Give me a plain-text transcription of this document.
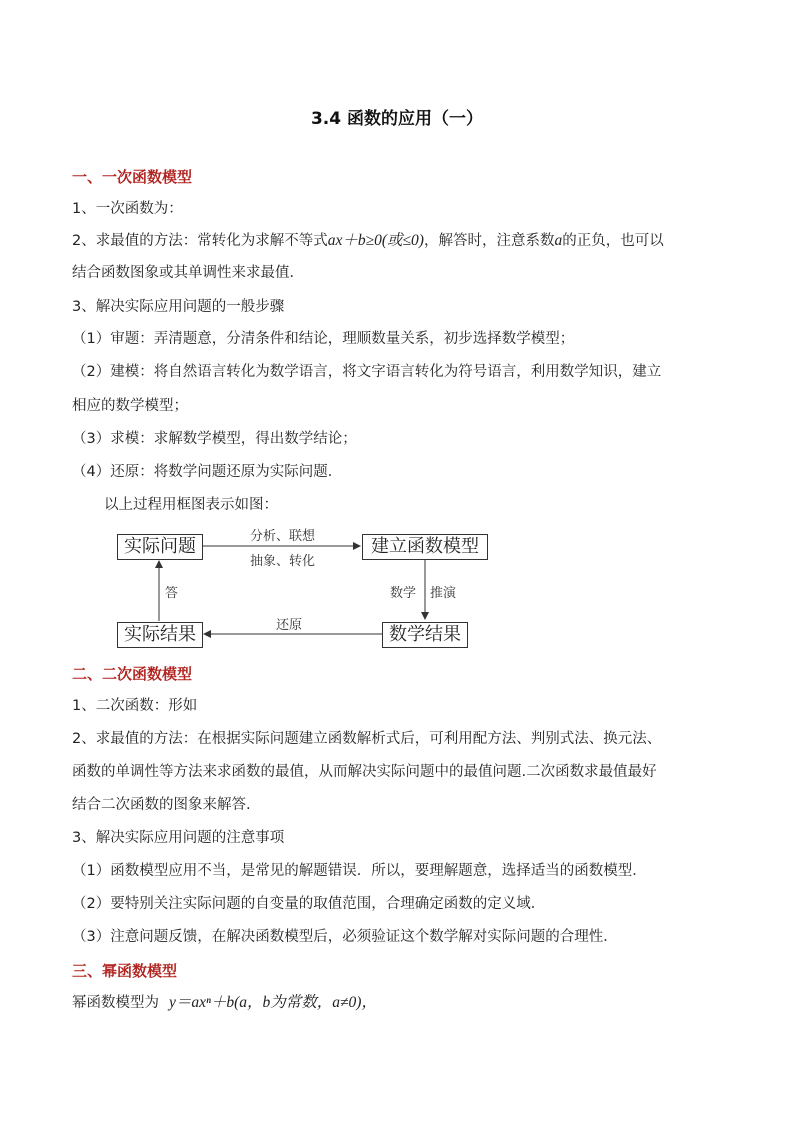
3.4 函数的应用（一）
一、一次函数模型
1、一次函数为：
2、求最值的方法：常转化为求解不等式ax＋b≥0(或≤0)，解答时，注意系数a的正负，也可以
结合函数图象或其单调性来求最值．
3、解决实际应用问题的一般步骤
（1）审题：弄清题意，分清条件和结论，理顺数量关系，初步选择数学模型；
（2）建模：将自然语言转化为数学语言，将文字语言转化为符号语言，利用数学知识，建立
相应的数学模型；
（3）求模：求解数学模型，得出数学结论；
（4）还原：将数学问题还原为实际问题．
以上过程用框图表示如图：
实际问题	建立函数模型
实际结果	数学结果
分析、联想
抽象、转化
数学 推演
还原
答
二、二次函数模型
1、二次函数：形如
2、求最值的方法：在根据实际问题建立函数解析式后，可利用配方法、判别式法、换元法、
函数的单调性等方法来求函数的最值，从而解决实际问题中的最值问题.二次函数求最值最好
结合二次函数的图象来解答.
3、解决实际应用问题的注意事项
（1）函数模型应用不当，是常见的解题错误．所以，要理解题意，选择适当的函数模型．
（2）要特别关注实际问题的自变量的取值范围，合理确定函数的定义域．
（3）注意问题反馈，在解决函数模型后，必须验证这个数学解对实际问题的合理性．
三、幂函数模型
幂函数模型为 y＝axⁿ＋b(a，b为常数，a≠0)，
